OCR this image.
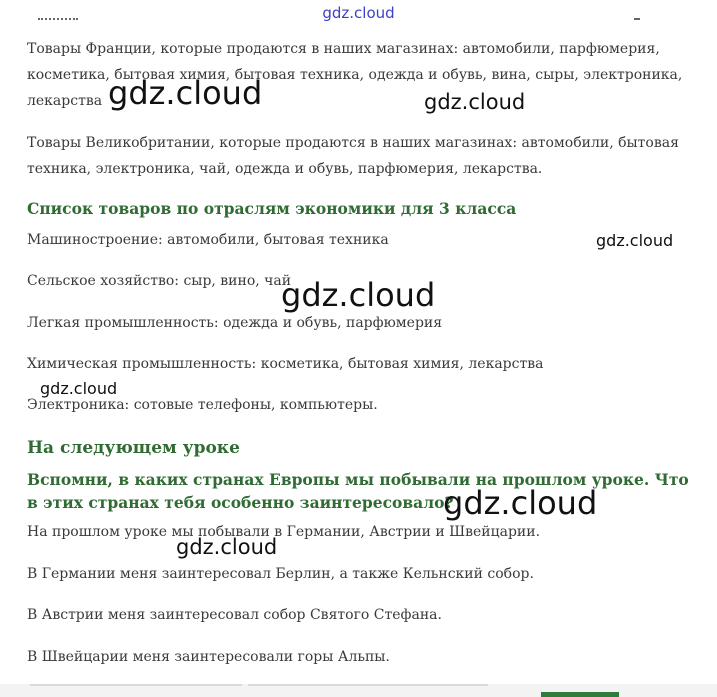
gdz.cloud

Товары Франции, которые продаются в наших магазинах: автомобили, парфюмерия, косметика, бытовая химия, бытовая техника, одежда и обувь, вина, сыры, электроника, лекарства

Товары Великобритании, которые продаются в наших магазинах: автомобили, бытовая техника, электроника, чай, одежда и обувь, парфюмерия, лекарства.

Список товаров по отраслям экономики для 3 класса

Машиностроение: автомобили, бытовая техника

Сельское хозяйство: сыр, вино, чай

Легкая промышленность: одежда и обувь, парфюмерия

Химическая промышленность: косметика, бытовая химия, лекарства

Электроника: сотовые телефоны, компьютеры.

На следующем уроке
Вспомни, в каких странах Европы мы побывали на прошлом уроке. Что в этих странах тебя особенно заинтересовало?

На прошлом уроке мы побывали в Германии, Австрии и Швейцарии.

В Германии меня заинтересовал Берлин, а также Кельнский собор.

В Австрии меня заинтересовал собор Святого Стефана.

В Швейцарии меня заинтересовали горы Альпы.

gdz.cloud	gdz.cloud
gdz.cloud
gdz.cloud
gdz.cloud
gdz.cloud
gdz.cloud
